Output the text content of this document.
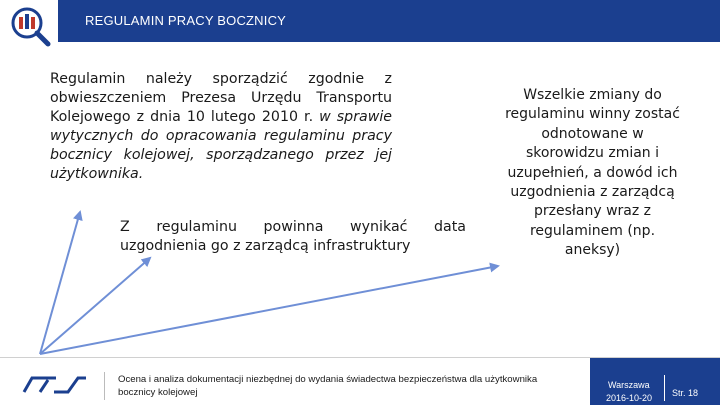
REGULAMIN PRACY BOCZNICY
Regulamin należy sporządzić zgodnie z obwieszczeniem Prezesa Urzędu Transportu Kolejowego z dnia 10 lutego 2010 r. w sprawie wytycznych do opracowania regulaminu pracy bocznicy kolejowej, sporządzanego przez jej użytkownika.
Z regulaminu powinna wynikać data
uzgodnienia go z zarządcą infrastruktury
Wszelkie zmiany do regulaminu winny zostać odnotowane w skorowidzu zmian i uzupełnień, a dowód ich uzgodnienia z zarządcą przesłany wraz z regulaminem (np. aneksy)
Ocena i analiza dokumentacji niezbędnej do wydania świadectwa bezpieczeństwa dla użytkownika bocznicy kolejowej
Warszawa
2016-10-20 Str. 18
